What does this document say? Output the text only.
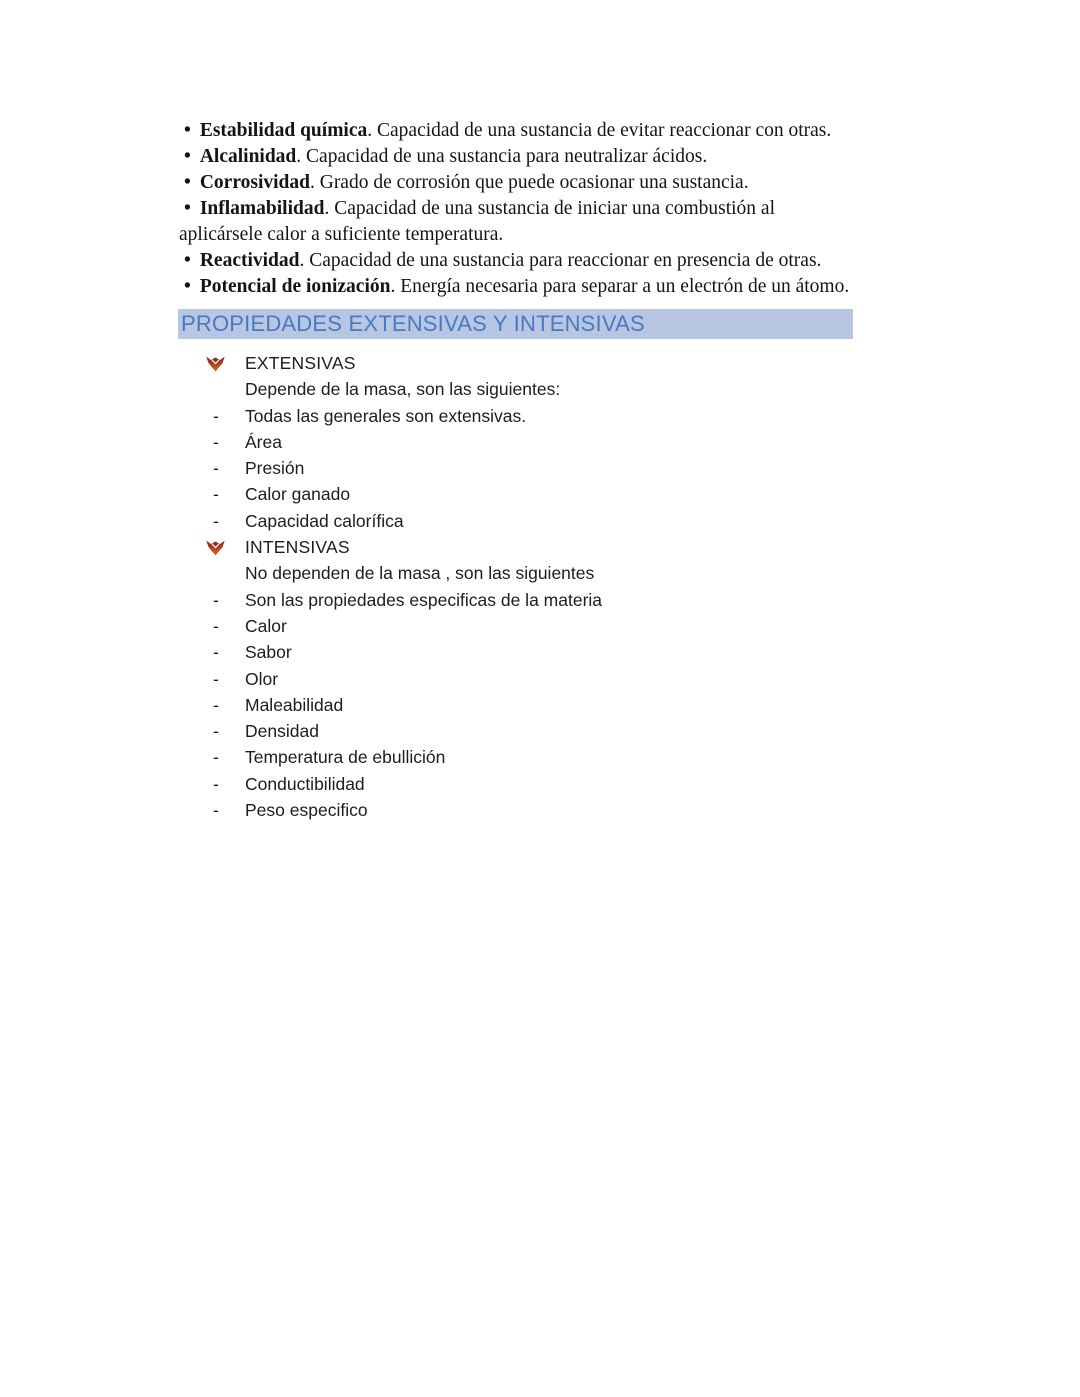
• Estabilidad química. Capacidad de una sustancia de evitar reaccionar con otras.

• Alcalinidad. Capacidad de una sustancia para neutralizar ácidos.

• Corrosividad. Grado de corrosión que puede ocasionar una sustancia.

• Inflamabilidad. Capacidad de una sustancia de iniciar una combustión al aplicársele calor a suficiente temperatura.

• Reactividad. Capacidad de una sustancia para reaccionar en presencia de otras.

• Potencial de ionización. Energía necesaria para separar a un electrón de un átomo.

PROPIEDADES EXTENSIVAS Y INTENSIVAS
EXTENSIVAS
Depende de la masa, son las siguientes:
- Todas las generales son extensivas.
- Área
- Presión
- Calor ganado
- Capacidad calorífica
INTENSIVAS
No dependen de la masa , son las siguientes
- Son las propiedades especificas de la materia
- Calor
- Sabor
- Olor
- Maleabilidad
- Densidad
- Temperatura de ebullición
- Conductibilidad
- Peso especifico
